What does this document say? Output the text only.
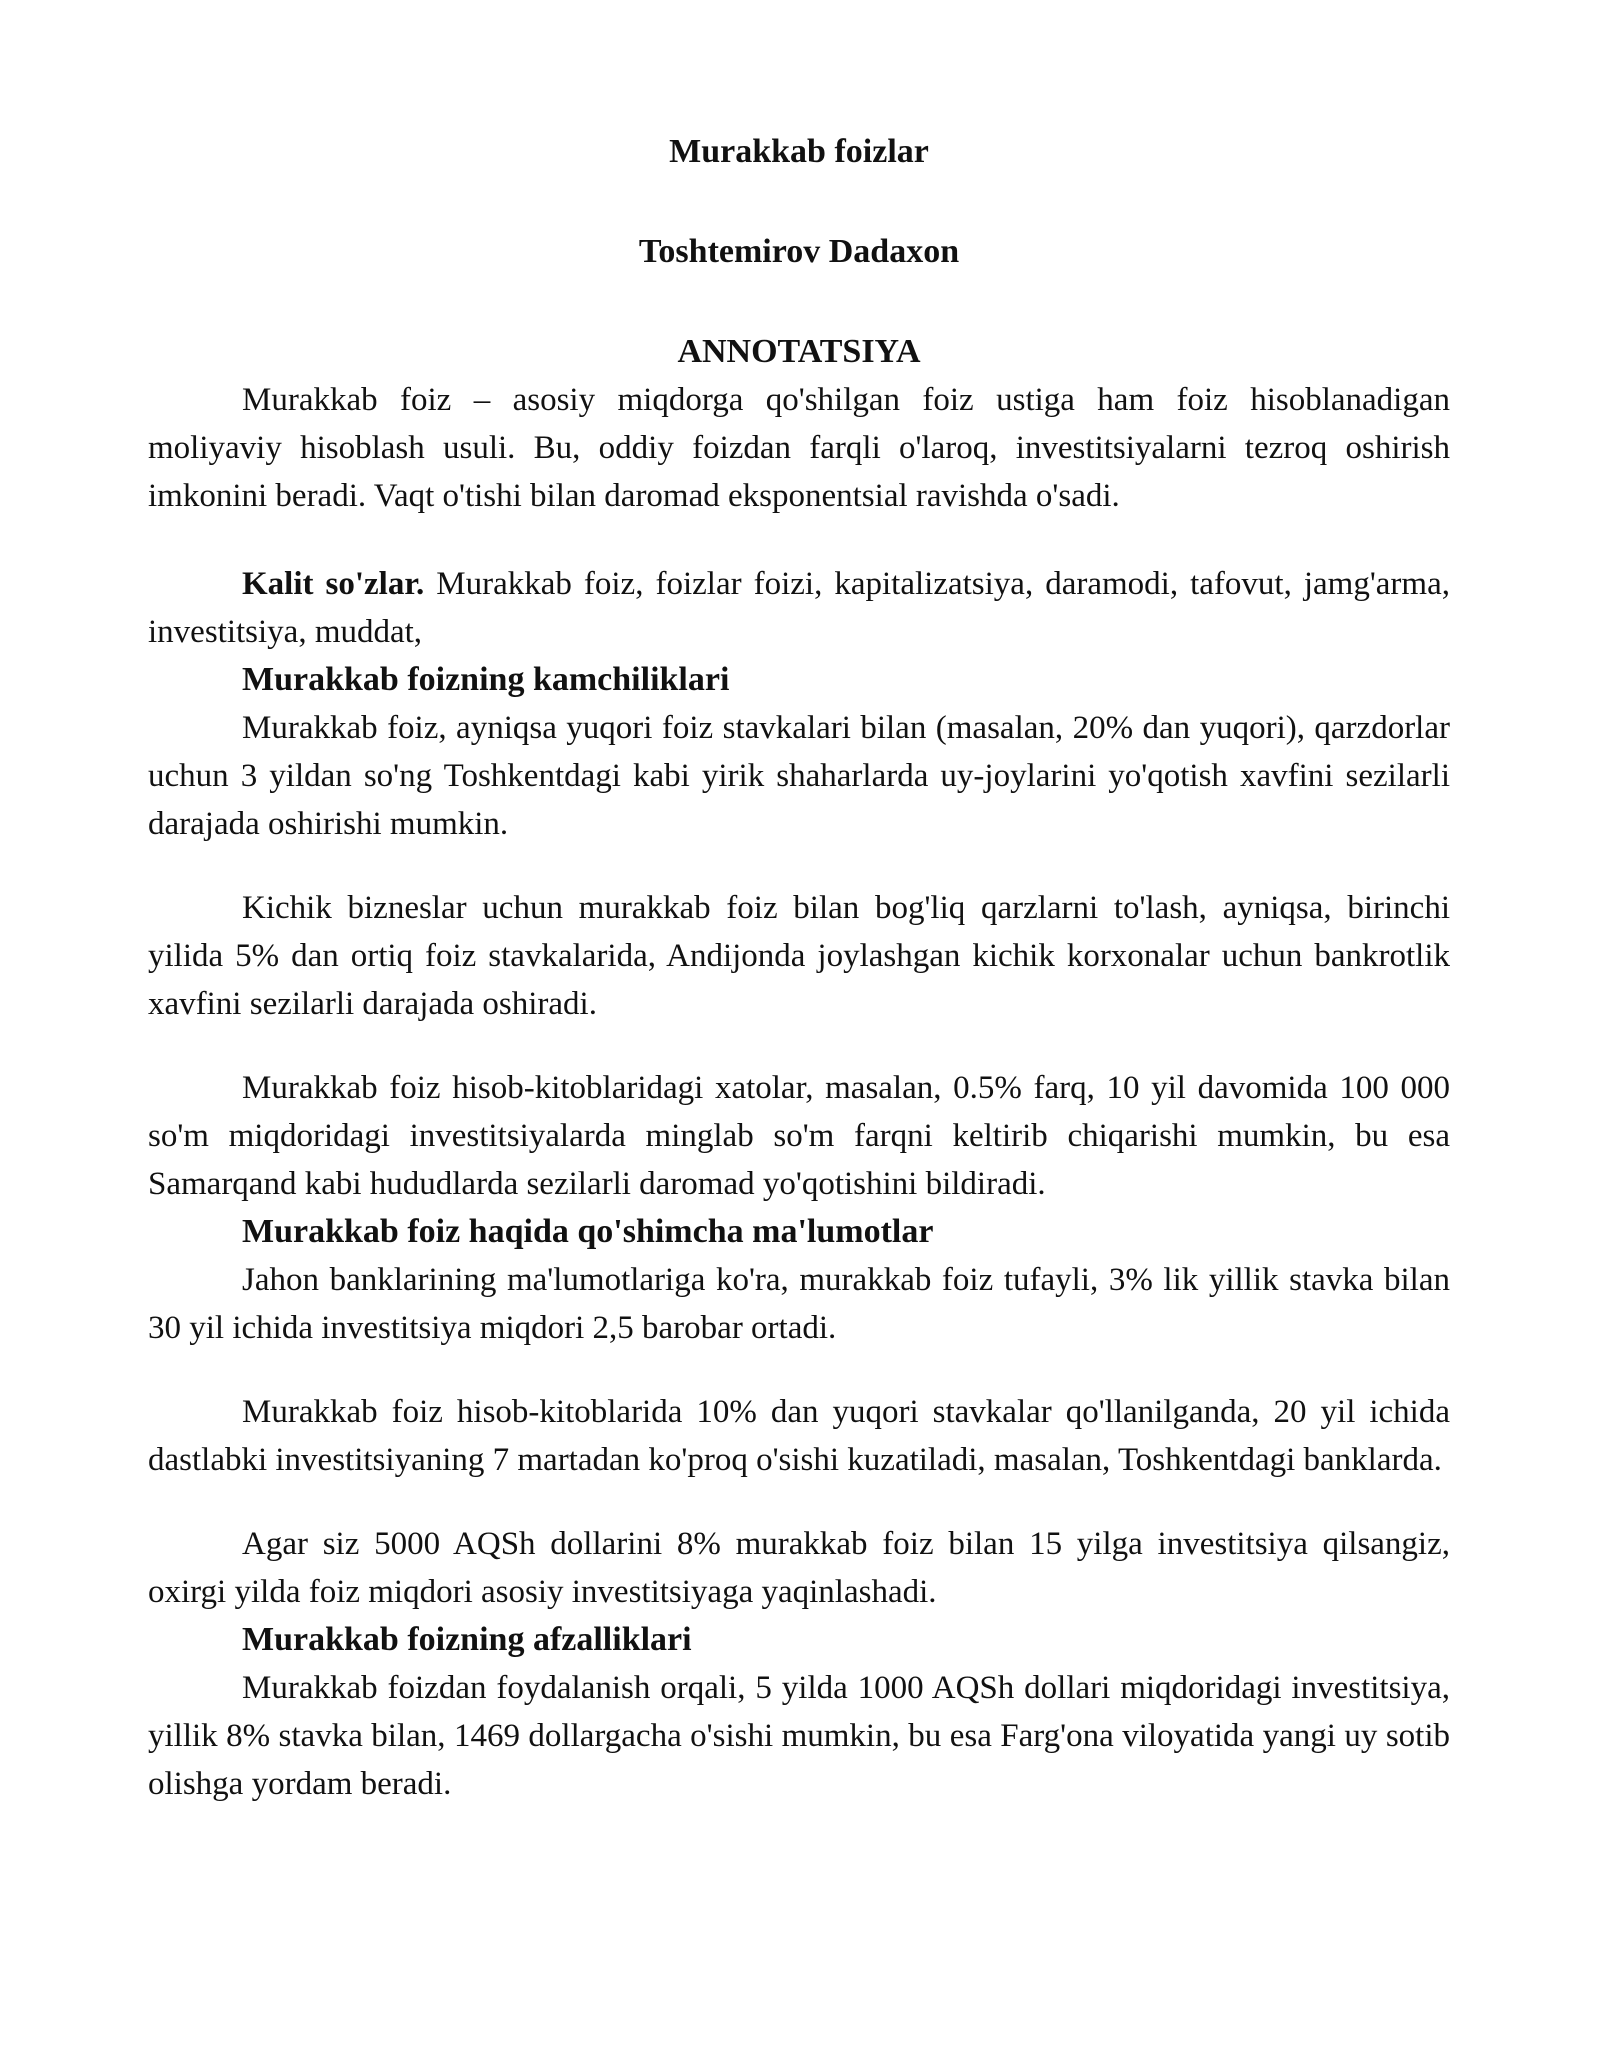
Murakkab foizlar
Toshtemirov Dadaxon
ANNOTATSIYA

Murakkab foiz – asosiy miqdorga qo'shilgan foiz ustiga ham foiz hisoblanadigan moliyaviy hisoblash usuli. Bu, oddiy foizdan farqli o'laroq, investitsiyalarni tezroq oshirish imkonini beradi. Vaqt o'tishi bilan daromad eksponentsial ravishda o'sadi.

Kalit so'zlar. Murakkab foiz, foizlar foizi, kapitalizatsiya, daramodi, tafovut, jamg'arma, investitsiya, muddat,

Murakkab foizning kamchiliklari

Murakkab foiz, ayniqsa yuqori foiz stavkalari bilan (masalan, 20% dan yuqori), qarzdorlar uchun 3 yildan so'ng Toshkentdagi kabi yirik shaharlarda uy-joylarini yo'qotish xavfini sezilarli darajada oshirishi mumkin.

Kichik bizneslar uchun murakkab foiz bilan bog'liq qarzlarni to'lash, ayniqsa, birinchi yilida 5% dan ortiq foiz stavkalarida, Andijonda joylashgan kichik korxonalar uchun bankrotlik xavfini sezilarli darajada oshiradi.

Murakkab foiz hisob-kitoblaridagi xatolar, masalan, 0.5% farq, 10 yil davomida 100 000 so'm miqdoridagi investitsiyalarda minglab so'm farqni keltirib chiqarishi mumkin, bu esa Samarqand kabi hududlarda sezilarli daromad yo'qotishini bildiradi.

Murakkab foiz haqida qo'shimcha ma'lumotlar

Jahon banklarining ma'lumotlariga ko'ra, murakkab foiz tufayli, 3% lik yillik stavka bilan 30 yil ichida investitsiya miqdori 2,5 barobar ortadi.

Murakkab foiz hisob-kitoblarida 10% dan yuqori stavkalar qo'llanilganda, 20 yil ichida dastlabki investitsiyaning 7 martadan ko'proq o'sishi kuzatiladi, masalan, Toshkentdagi banklarda.

Agar siz 5000 AQSh dollarini 8% murakkab foiz bilan 15 yilga investitsiya qilsangiz, oxirgi yilda foiz miqdori asosiy investitsiyaga yaqinlashadi.

Murakkab foizning afzalliklari

Murakkab foizdan foydalanish orqali, 5 yilda 1000 AQSh dollari miqdoridagi investitsiya, yillik 8% stavka bilan, 1469 dollargacha o'sishi mumkin, bu esa Farg'ona viloyatida yangi uy sotib olishga yordam beradi.
